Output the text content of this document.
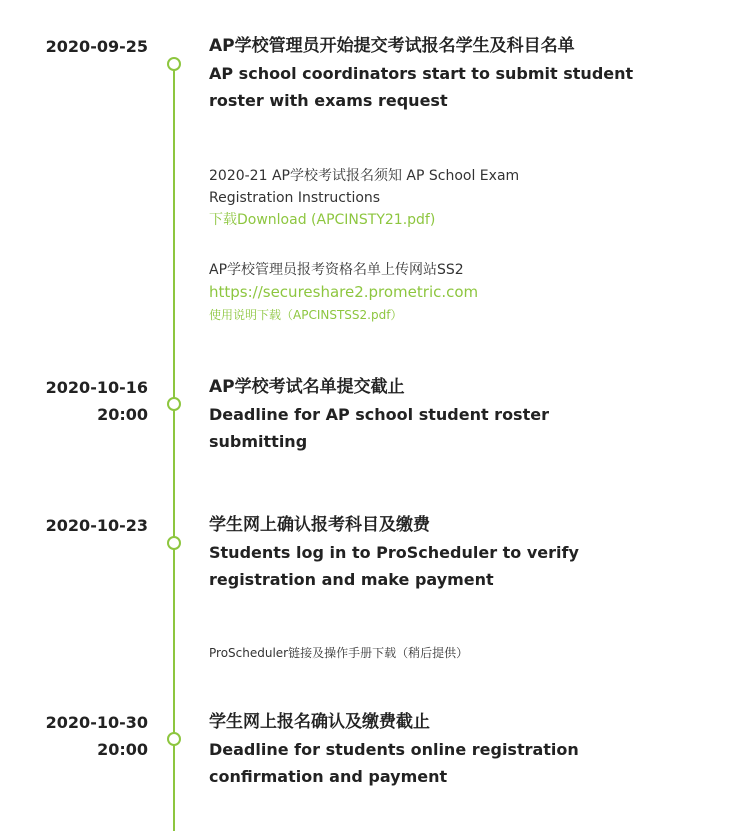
2020-09-25	AP学校管理员开始提交考试报名学生及科目名单
AP school coordinators start to submit student roster with exams request
2020-21 AP学校考试报名须知 AP School Exam Registration Instructions
下载Download (APCINSTY21.pdf)
AP学校管理员报考资格名单上传网站SS2
https://secureshare2.prometric.com
使用说明下载（APCINSTSS2.pdf）
2020-10-16
20:00
AP学校考试名单提交截止
Deadline for AP school student roster submitting
2020-10-23	学生网上确认报考科目及缴费
Students log in to ProScheduler to verify registration and make payment
ProScheduler链接及操作手册下载（稍后提供）
2020-10-30
20:00
学生网上报名确认及缴费截止
Deadline for students online registration confirmation and payment
